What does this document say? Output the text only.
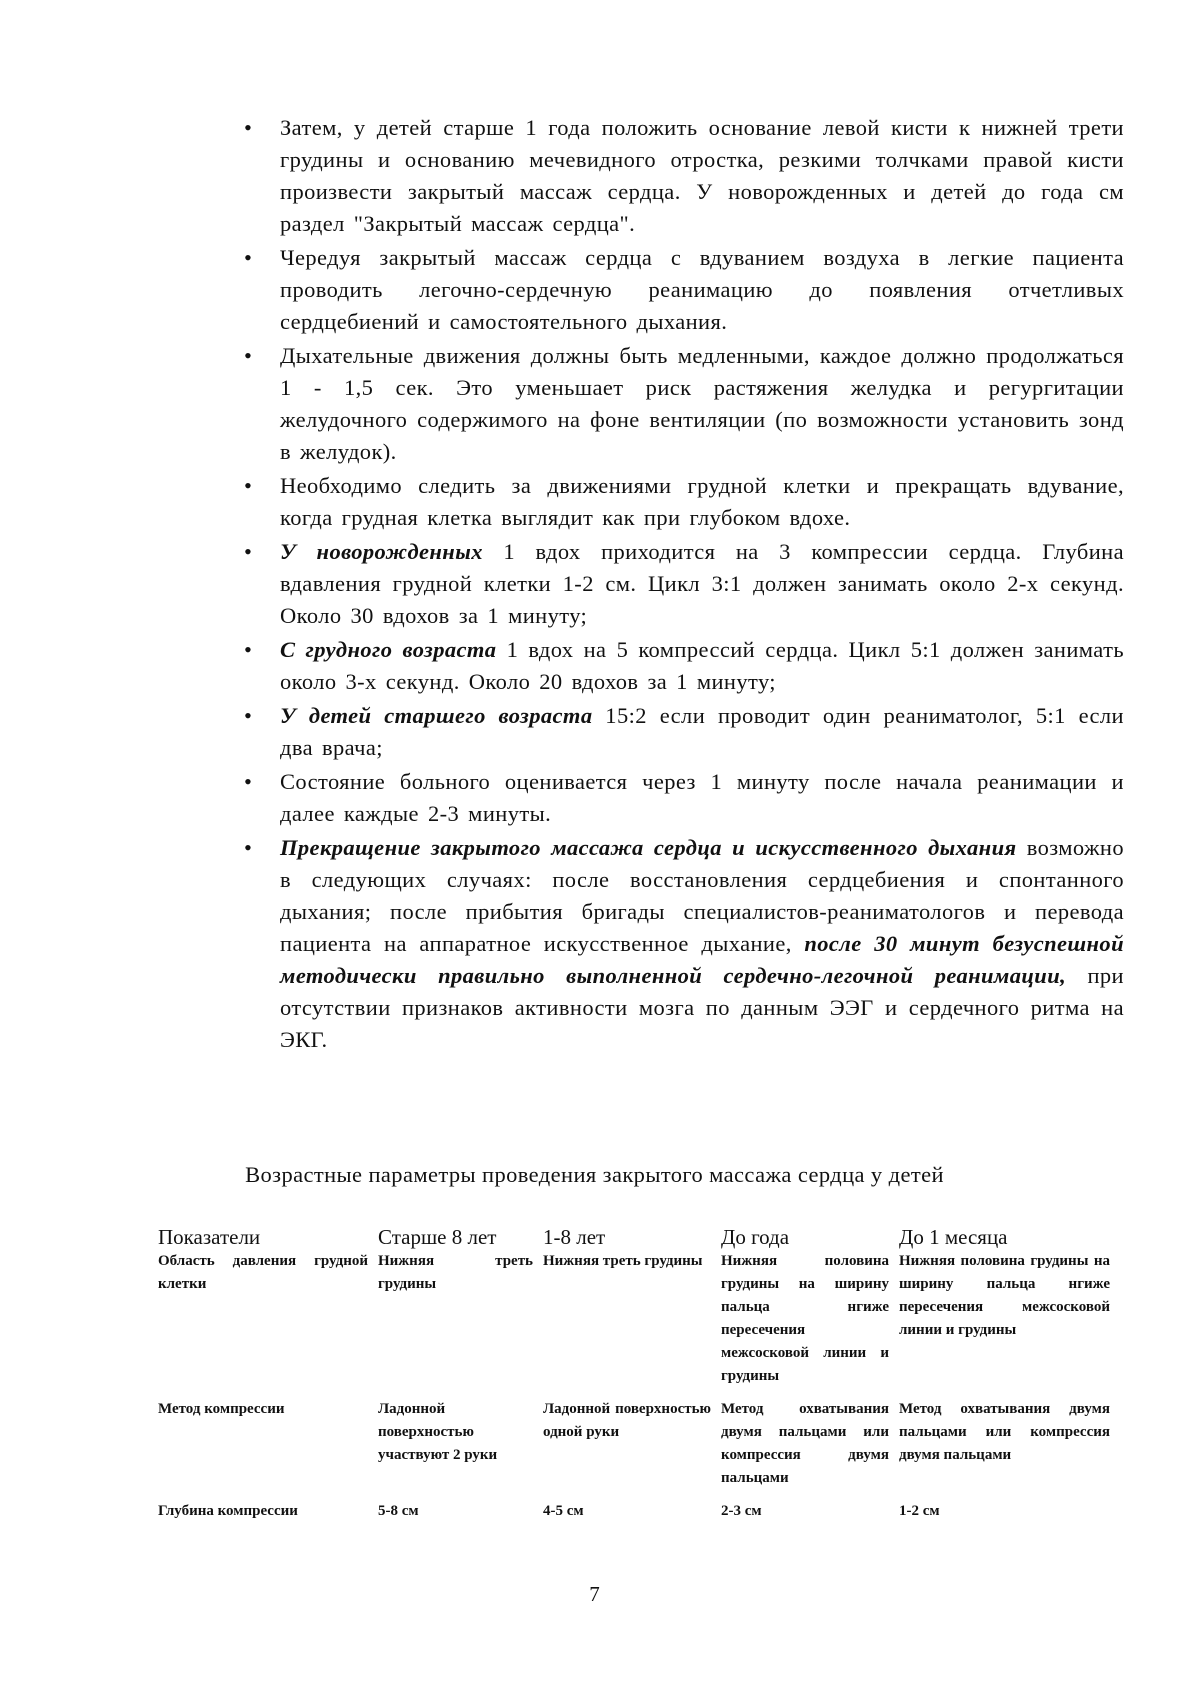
• Затем, у детей старше 1 года положить основание левой кисти к нижней трети грудины и основанию мечевидного отростка, резкими толчками правой кисти произвести закрытый массаж сердца. У новорожденных и детей до года см раздел "Закрытый массаж сердца".
• Чередуя закрытый массаж сердца с вдуванием воздуха в легкие пациента проводить легочно-сердечную реанимацию до появления отчетливых сердцебиений и самостоятельного дыхания.
• Дыхательные движения должны быть медленными, каждое должно продолжаться 1 - 1,5 сек. Это уменьшает риск растяжения желудка и регургитации желудочного содержимого на фоне вентиляции (по возможности установить зонд в желудок).
• Необходимо следить за движениями грудной клетки и прекращать вдувание, когда грудная клетка выглядит как при глубоком вдохе.
• У новорожденных 1 вдох приходится на 3 компрессии сердца. Глубина вдавления грудной клетки 1-2 см. Цикл 3:1 должен занимать около 2-х секунд. Около 30 вдохов за 1 минуту;
• С грудного возраста 1 вдох на 5 компрессий сердца. Цикл 5:1 должен занимать около 3-х секунд. Около 20 вдохов за 1 минуту;
• У детей старшего возраста 15:2 если проводит один реаниматолог, 5:1 если два врача;
• Состояние больного оценивается через 1 минуту после начала реанимации и далее каждые 2-3 минуты.
• Прекращение закрытого массажа сердца и искусственного дыхания возможно в следующих случаях: после восстановления сердцебиения и спонтанного дыхания; после прибытия бригады специалистов-реаниматологов и перевода пациента на аппаратное искусственное дыхание, после 30 минут безуспешной методически правильно выполненной сердечно-легочной реанимации, при отсутствии признаков активности мозга по данным ЭЭГ и сердечного ритма на ЭКГ.
Возрастные параметры проведения закрытого массажа сердца у детей
Показатели	Старше 8 лет	1-8 лет	До года	До 1 месяца
Область давления грудной клетки	Нижняя треть грудины	Нижняя треть грудины	Нижняя половина грудины на ширину пальца нгиже пересечения межсосковой линии и грудины	Нижняя половина грудины на ширину пальца нгиже пересечения межсосковой линии и грудины
Метод компрессии	Ладонной поверхностью участвуют 2 руки	Ладонной поверхностью одной руки	Метод охватывания двумя пальцами или компрессия двумя пальцами	Метод охватывания двумя пальцами или компрессия двумя пальцами
Глубина компрессии	5-8 см	4-5 см	2-3 см	1-2 см
7
